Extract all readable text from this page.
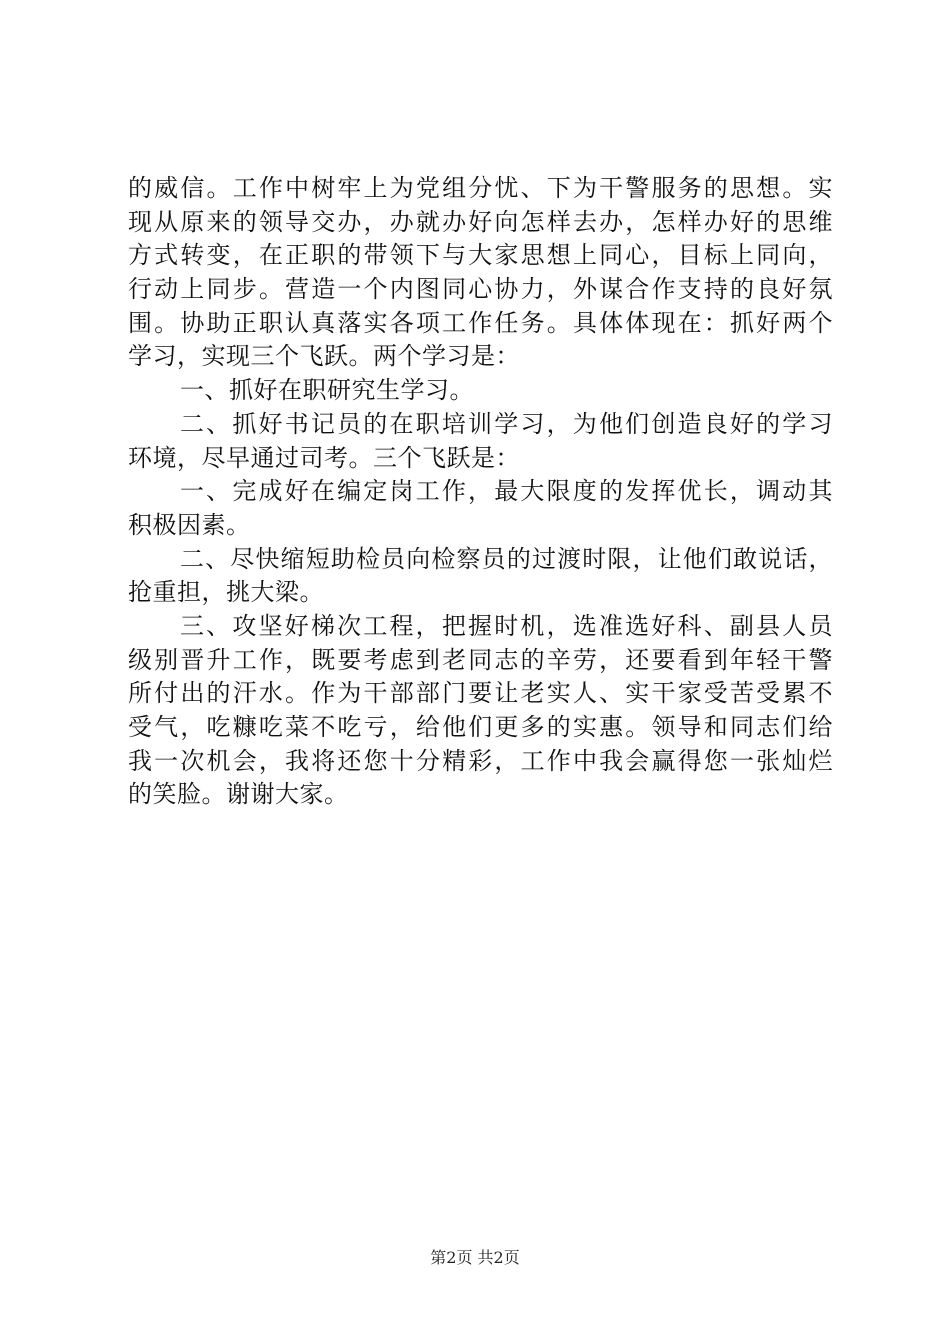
的威信。工作中树牢上为党组分忧、下为干警服务的思想。实
现从原来的领导交办，办就办好向怎样去办，怎样办好的思维
方式转变，在正职的带领下与大家思想上同心，目标上同向，
行动上同步。营造一个内图同心协力，外谋合作支持的良好氛
围。协助正职认真落实各项工作任务。具体体现在：抓好两个
学习，实现三个飞跃。两个学习是：
一、抓好在职研究生学习。
二、抓好书记员的在职培训学习，为他们创造良好的学习
环境，尽早通过司考。三个飞跃是：
一、完成好在编定岗工作，最大限度的发挥优长，调动其
积极因素。
二、尽快缩短助检员向检察员的过渡时限，让他们敢说话，
抢重担，挑大梁。
三、攻坚好梯次工程，把握时机，选准选好科、副县人员
级别晋升工作，既要考虑到老同志的辛劳，还要看到年轻干警
所付出的汗水。作为干部部门要让老实人、实干家受苦受累不
受气，吃糠吃菜不吃亏，给他们更多的实惠。领导和同志们给
我一次机会，我将还您十分精彩，工作中我会赢得您一张灿烂
的笑脸。谢谢大家。
第2页 共2页
